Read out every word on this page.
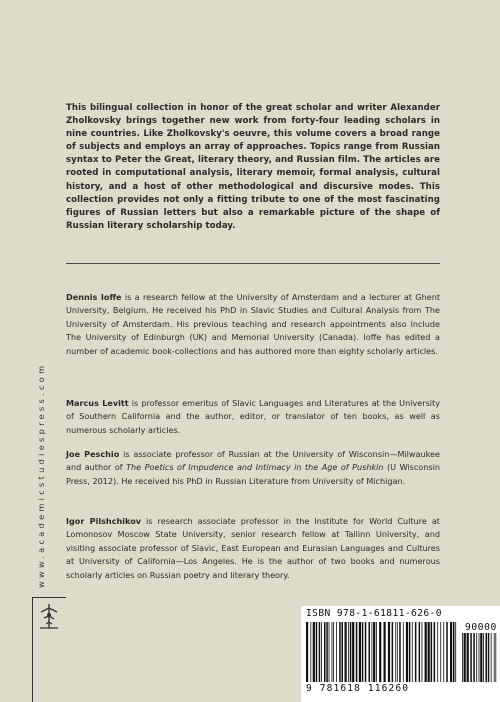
This bilingual collection in honor of the great scholar and writer Alexander Zholkovsky brings together new work from forty-four leading scholars in nine countries. Like Zholkovsky's oeuvre, this volume covers a broad range of subjects and employs an array of approaches. Topics range from Russian syntax to Peter the Great, literary theory, and Russian film. The articles are rooted in computational analysis, literary memoir, formal analysis, cultural history, and a host of other methodological and discursive modes. This collection provides not only a fitting tribute to one of the most fascinating figures of Russian letters but also a remarkable picture of the shape of Russian literary scholarship today.

Dennis Ioffe is a research fellow at the University of Amsterdam and a lecturer at Ghent University, Belgium. He received his PhD in Slavic Studies and Cultural Analysis from The University of Amsterdam. His previous teaching and research appointments also include The University of Edinburgh (UK) and Memorial University (Canada). Ioffe has edited a number of academic book-collections and has authored more than eighty scholarly articles.

Marcus Levitt is professor emeritus of Slavic Languages and Literatures at the University of Southern California and the author, editor, or translator of ten books, as well as numerous scholarly articles.

Joe Peschio is associate professor of Russian at the University of Wisconsin—Milwaukee and author of The Poetics of Impudence and Intimacy in the Age of Pushkin (U Wisconsin Press, 2012). He received his PhD in Russian Literature from University of Michigan.

Igor Pilshchikov is research associate professor in the Institute for World Culture at Lomonosov Moscow State University, senior research fellow at Tallinn University, and visiting associate professor of Slavic, East European and Eurasian Languages and Cultures at University of California—Los Angeles. He is the author of two books and numerous scholarly articles on Russian poetry and literary theory.

www.academicstudiespress.com
ISBN 978-1-61811-626-0
90000
9 781618 116260
